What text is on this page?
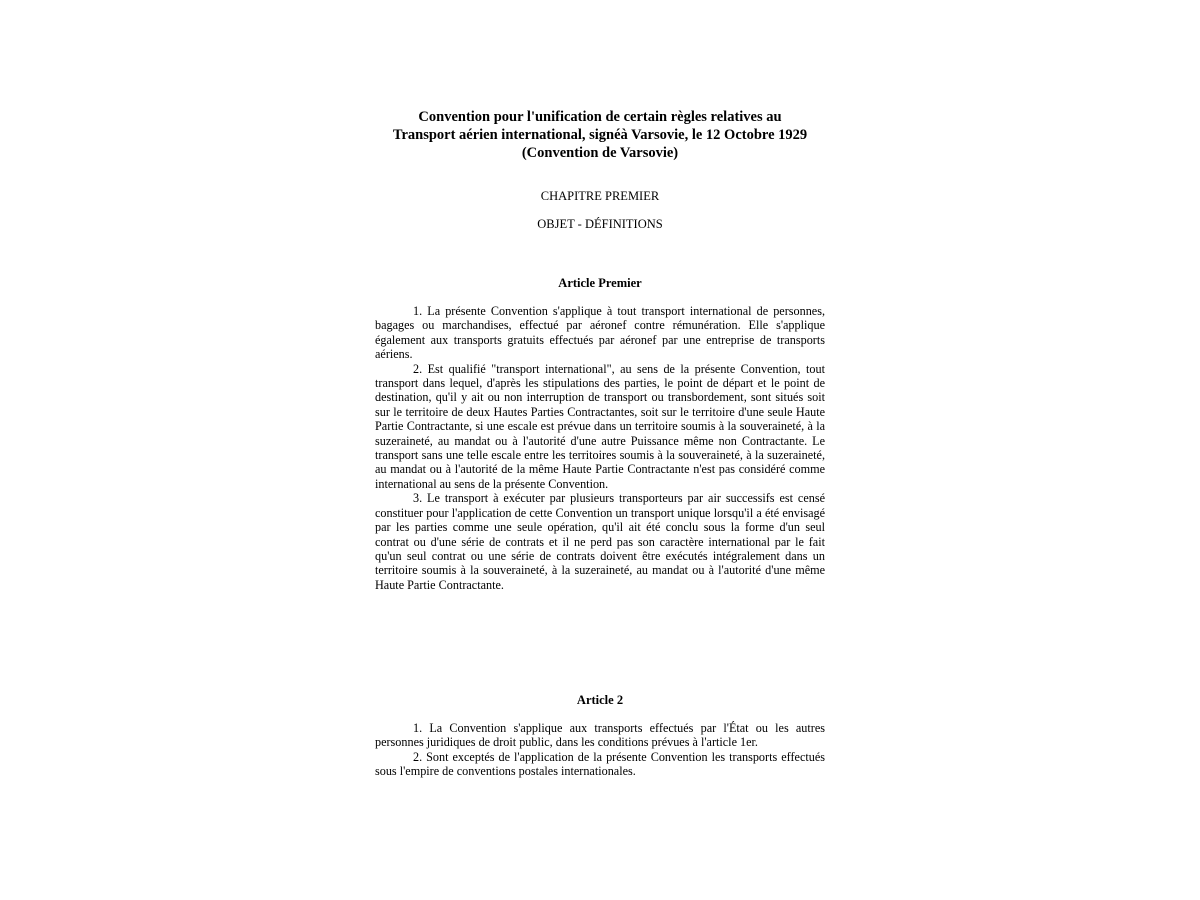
Convention pour l'unification de certain règles relatives au
Transport aérien international, signéà Varsovie, le 12 Octobre 1929
(Convention de Varsovie)
CHAPITRE PREMIER
OBJET - DÉFINITIONS
Article Premier

1. La présente Convention s'applique à tout transport international de personnes, bagages ou marchandises, effectué par aéronef contre rémunération. Elle s'applique également aux transports gratuits effectués par aéronef par une entreprise de transports aériens.

2. Est qualifié "transport international", au sens de la présente Convention, tout transport dans lequel, d'après les stipulations des parties, le point de départ et le point de destination, qu'il y ait ou non interruption de transport ou transbordement, sont situés soit sur le territoire de deux Hautes Parties Contractantes, soit sur le territoire d'une seule Haute Partie Contractante, si une escale est prévue dans un territoire soumis à la souveraineté, à la suzeraineté, au mandat ou à l'autorité d'une autre Puissance même non Contractante. Le transport sans une telle escale entre les territoires soumis à la souveraineté, à la suzeraineté, au mandat ou à l'autorité de la même Haute Partie Contractante n'est pas considéré comme international au sens de la présente Convention.

3. Le transport à exécuter par plusieurs transporteurs par air successifs est censé constituer pour l'application de cette Convention un transport unique lorsqu'il a été envisagé par les parties comme une seule opération, qu'il ait été conclu sous la forme d'un seul contrat ou d'une série de contrats et il ne perd pas son caractère international par le fait qu'un seul contrat ou une série de contrats doivent être exécutés intégralement dans un territoire soumis à la souveraineté, à la suzeraineté, au mandat ou à l'autorité d'une même Haute Partie Contractante.

Article 2

1. La Convention s'applique aux transports effectués par l'État ou les autres personnes juridiques de droit public, dans les conditions prévues à l'article 1er.

2. Sont exceptés de l'application de la présente Convention les transports effectués sous l'empire de conventions postales internationales.
